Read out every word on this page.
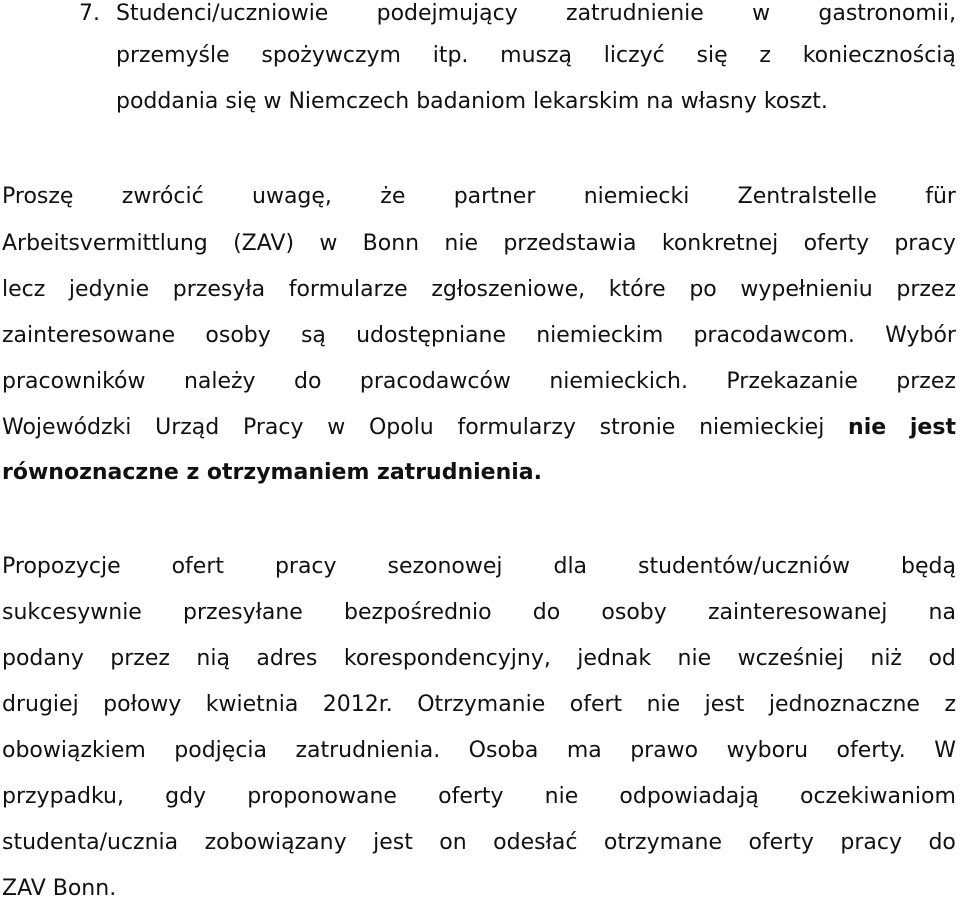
7. Studenci/uczniowie podejmujący zatrudnienie w gastronomii,
przemyśle spożywczym itp. muszą liczyć się z koniecznością
poddania się w Niemczech badaniom lekarskim na własny koszt.
Proszę zwrócić uwagę, że partner niemiecki Zentralstelle für
Arbeitsvermittlung (ZAV) w Bonn nie przedstawia konkretnej oferty pracy
lecz jedynie przesyła formularze zgłoszeniowe, które po wypełnieniu przez
zainteresowane osoby są udostępniane niemieckim pracodawcom. Wybór
pracowników należy do pracodawców niemieckich. Przekazanie przez
Wojewódzki Urząd Pracy w Opolu formularzy stronie niemieckiej nie jest
równoznaczne z otrzymaniem zatrudnienia.
Propozycje ofert pracy sezonowej dla studentów/uczniów będą
sukcesywnie przesyłane bezpośrednio do osoby zainteresowanej na
podany przez nią adres korespondencyjny, jednak nie wcześniej niż od
drugiej połowy kwietnia 2012r. Otrzymanie ofert nie jest jednoznaczne z
obowiązkiem podjęcia zatrudnienia. Osoba ma prawo wyboru oferty. W
przypadku, gdy proponowane oferty nie odpowiadają oczekiwaniom
studenta/ucznia zobowiązany jest on odesłać otrzymane oferty pracy do
ZAV Bonn.
